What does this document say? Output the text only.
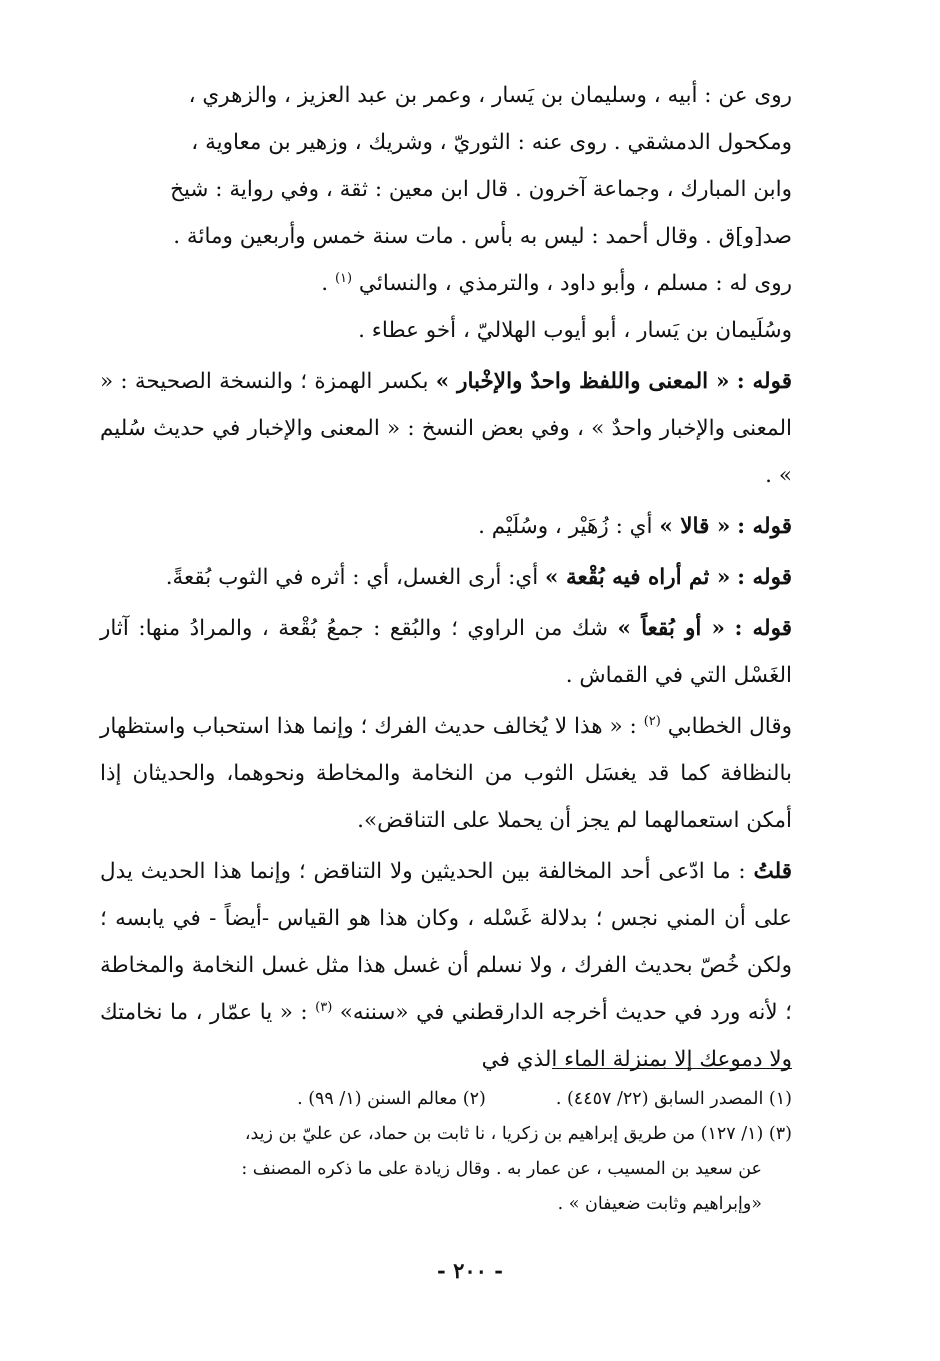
روى عن : أبيه ، وسليمان بن يَسار ، وعمر بن عبد العزيز ، والزهري ،
ومكحول الدمشقي . روى عنه : الثوريّ ، وشريك ، وزهير بن معاوية ،
وابن المبارك ، وجماعة آخرون . قال ابن معين : ثقة ، وفي رواية : شيخ
صد[و]ق . وقال أحمد : ليس به بأس . مات سنة خمس وأربعين ومائة .
روى له : مسلم ، وأبو داود ، والترمذي ، والنسائي $^{(١)}$ .

وسُلَيمان بن يَسار ، أبو أيوب الهلاليّ ، أخو عطاء .

قوله : « المعنى واللفظ واحدٌ والإخْبار » بكسر الهمزة ؛ والنسخة الصحيحة : « المعنى والإخبار واحدٌ » ، وفي بعض النسخ : « المعنى والإخبار في حديث سُليم » .

قوله : « قالا » أي : زُهَيْر ، وسُلَيْم .

قوله : « ثم أراه فيه بُقْعة » أي: أرى الغسل، أي : أثره في الثوب بُقعةً.

قوله : « أو بُقعاً » شك من الراوي ؛ والبُقع : جمعُ بُقْعة ، والمرادُ منها: آثار الغَسْل التي في القماش .

وقال الخطابي $^{(٢)}$ : « هذا لا يُخالف حديث الفرك ؛ وإنما هذا استحباب واستظهار بالنظافة كما قد يغسَل الثوب من النخامة والمخاطة ونحوهما، والحديثان إذا أمكن استعمالهما لم يجز أن يحملا على التناقض».

قلتُ : ما ادّعى أحد المخالفة بين الحديثين ولا التناقض ؛ وإنما هذا الحديث يدل على أن المني نجس ؛ بدلالة غَسْله ، وكان هذا هو القياس -أيضاً - في يابسه ؛ ولكن خُصّ بحديث الفرك ، ولا نسلم أن غسل هذا مثل غسل النخامة والمخاطة ؛ لأنه ورد في حديث أخرجه الدارقطني في «سننه» $^{(٣)}$ : « يا عمّار ، ما نخامتك ولا دموعك إلا بمنزلة الماء الذي في

(١) المصدر السابق (٢٢/ ٤٤٥٧) .
(٢) معالم السنن (١/ ٩٩) .

(٣) (١/ ١٢٧) من طريق إبراهيم بن زكريا ، نا ثابت بن حماد، عن عليّ بن زيد،

عن سعيد بن المسيب ، عن عمار به . وقال زيادة على ما ذكره المصنف :

«وإبراهيم وثابت ضعيفان » .

- ٢٠٠ -
